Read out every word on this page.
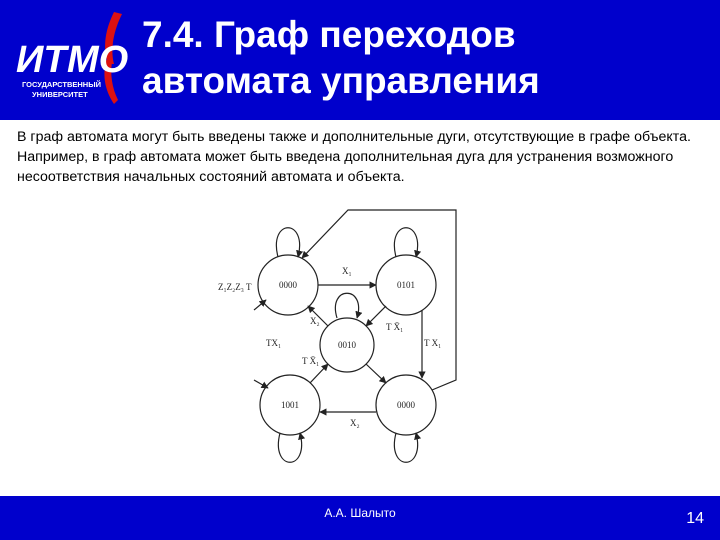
ИТМО
ГОСУДАРСТВЕННЫЙ
УНИВЕРСИТЕТ
7.4. Граф переходов
автомата управления
В граф автомата могут быть введены также и дополнительные дуги, отсутствующие в графе объекта. Например, в граф автомата может быть введена дополнительная дуга для устранения возможного несоответствия начальных состояний автомата и объекта.
0000	0101
0010
1001	0000
X₁
Z₁Z₂Z₃ T
X₂
T X̄₁
TX₁
T X̄₁
T X₁
X₂
А.А. Шалыто	14
